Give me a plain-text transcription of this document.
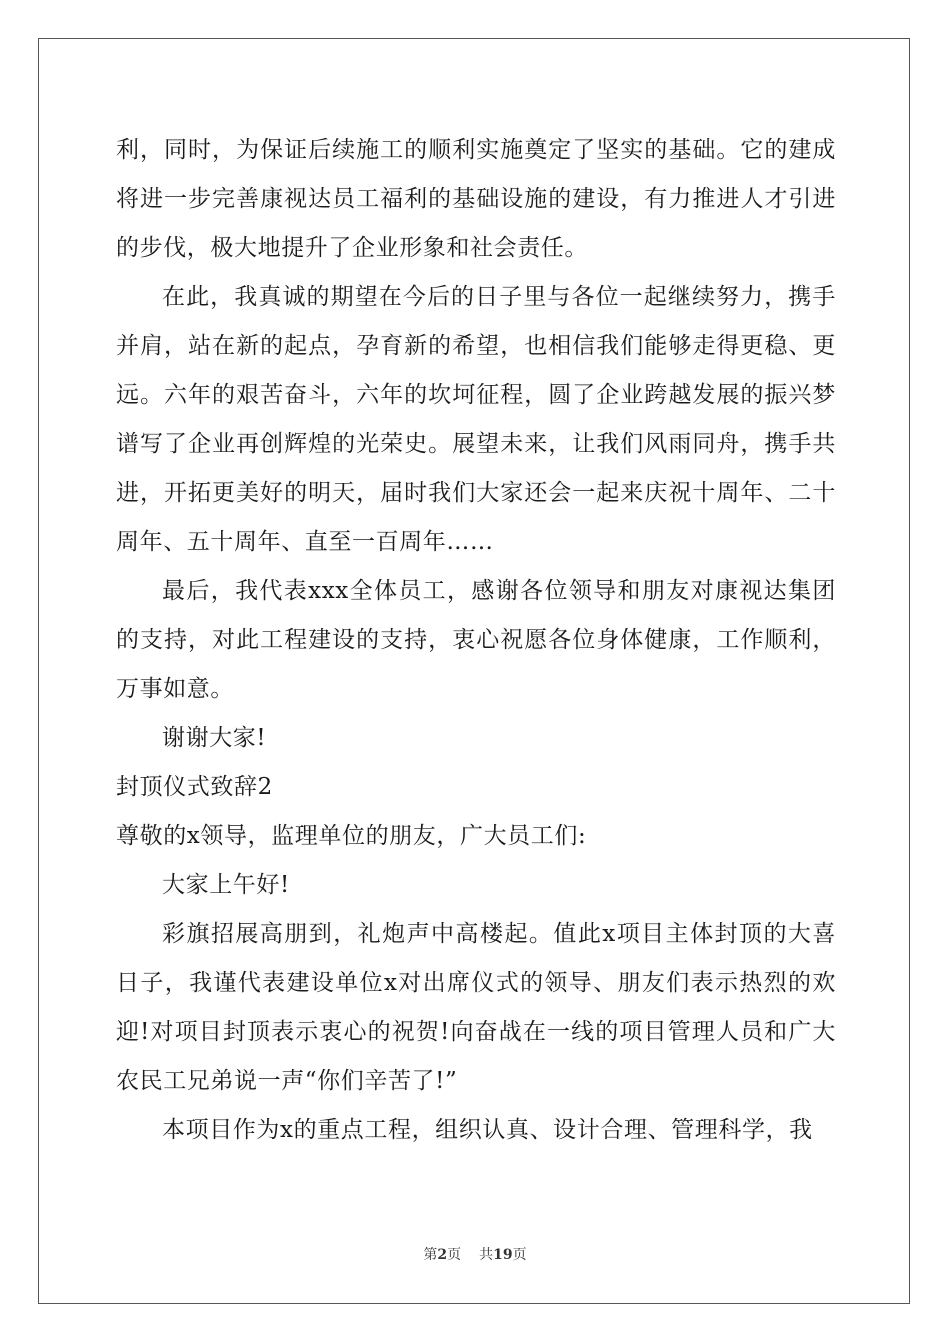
利，同时，为保证后续施工的顺利实施奠定了坚实的基础。它的建成将进一步完善康视达员工福利的基础设施的建设，有力推进人才引进的步伐，极大地提升了企业形象和社会责任。

在此，我真诚的期望在今后的日子里与各位一起继续努力，携手并肩，站在新的起点，孕育新的希望，也相信我们能够走得更稳、更远。六年的艰苦奋斗，六年的坎坷征程，圆了企业跨越发展的振兴梦谱写了企业再创辉煌的光荣史。展望未来，让我们风雨同舟，携手共进，开拓更美好的明天，届时我们大家还会一起来庆祝十周年、二十周年、五十周年、直至一百周年……

最后，我代表xxx全体员工，感谢各位领导和朋友对康视达集团的支持，对此工程建设的支持，衷心祝愿各位身体健康，工作顺利，万事如意。

谢谢大家!

封顶仪式致辞2

尊敬的x领导，监理单位的朋友，广大员工们:

大家上午好!

彩旗招展高朋到，礼炮声中高楼起。值此x项目主体封顶的大喜日子，我谨代表建设单位x对出席仪式的领导、朋友们表示热烈的欢迎!对项目封顶表示衷心的祝贺!向奋战在一线的项目管理人员和广大农民工兄弟说一声“你们辛苦了!”

本项目作为x的重点工程，组织认真、设计合理、管理科学，我

第2页 共19页
